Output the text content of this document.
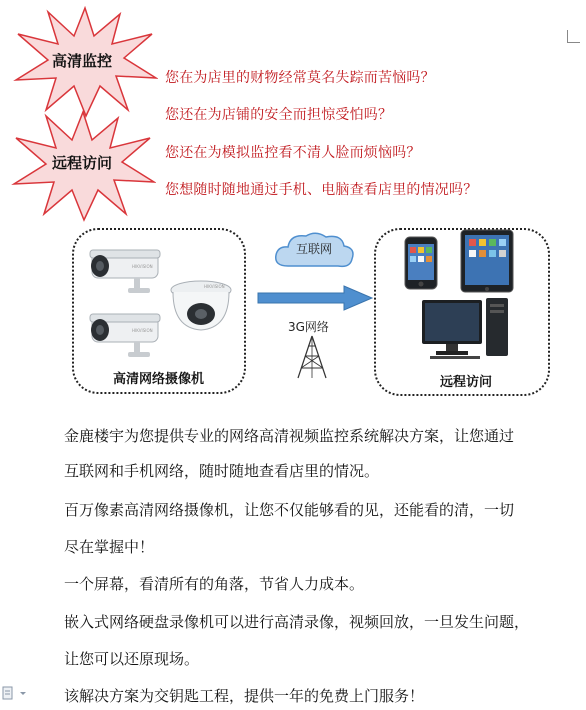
高清监控
远程访问
您在为店里的财物经常莫名失踪而苦恼吗？
您还在为店铺的安全而担惊受怕吗？
您还在为模拟监控看不清人脸而烦恼吗？
您想随时随地通过手机、电脑查看店里的情况吗？
HIKVISION
HIKVISION
HIKVISION
高清网络摄像机
互联网
3G网络
远程访问
金鹿楼宇为您提供专业的网络高清视频监控系统解决方案，让您通过
互联网和手机网络，随时随地查看店里的情况。
百万像素高清网络摄像机，让您不仅能够看的见，还能看的清，一切
尽在掌握中！
一个屏幕，看清所有的角落，节省人力成本。
嵌入式网络硬盘录像机可以进行高清录像，视频回放，一旦发生问题，
让您可以还原现场。
该解决方案为交钥匙工程，提供一年的免费上门服务！
